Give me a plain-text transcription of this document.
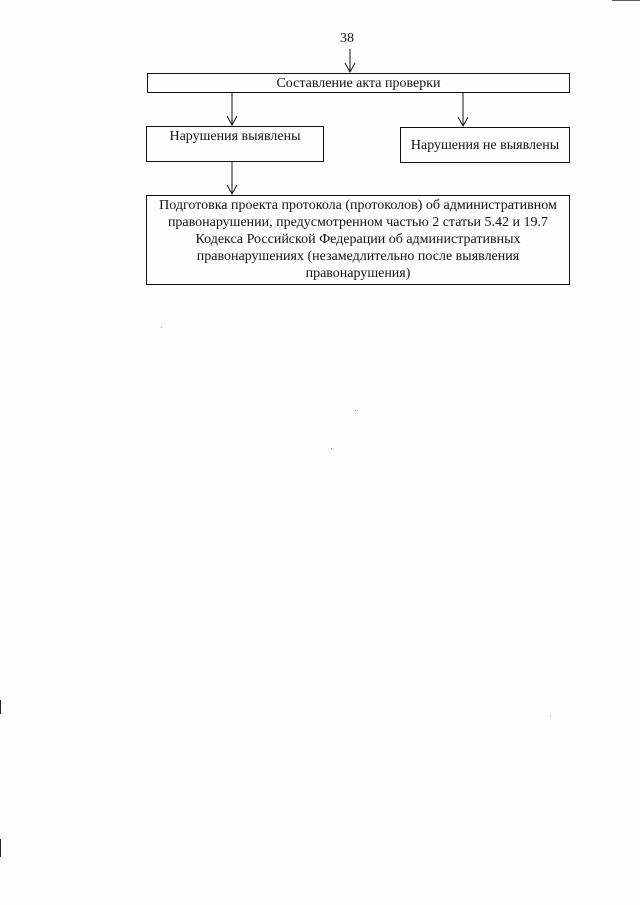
38
Составление акта проверки
Нарушения выявлены
Нарушения не выявлены
Подготовка проекта протокола (протоколов) об административном правонарушении, предусмотренном частью 2 статьи 5.42 и 19.7 Кодекса Российской Федерации об административных правонарушениях (незамедлительно после выявления правонарушения)
